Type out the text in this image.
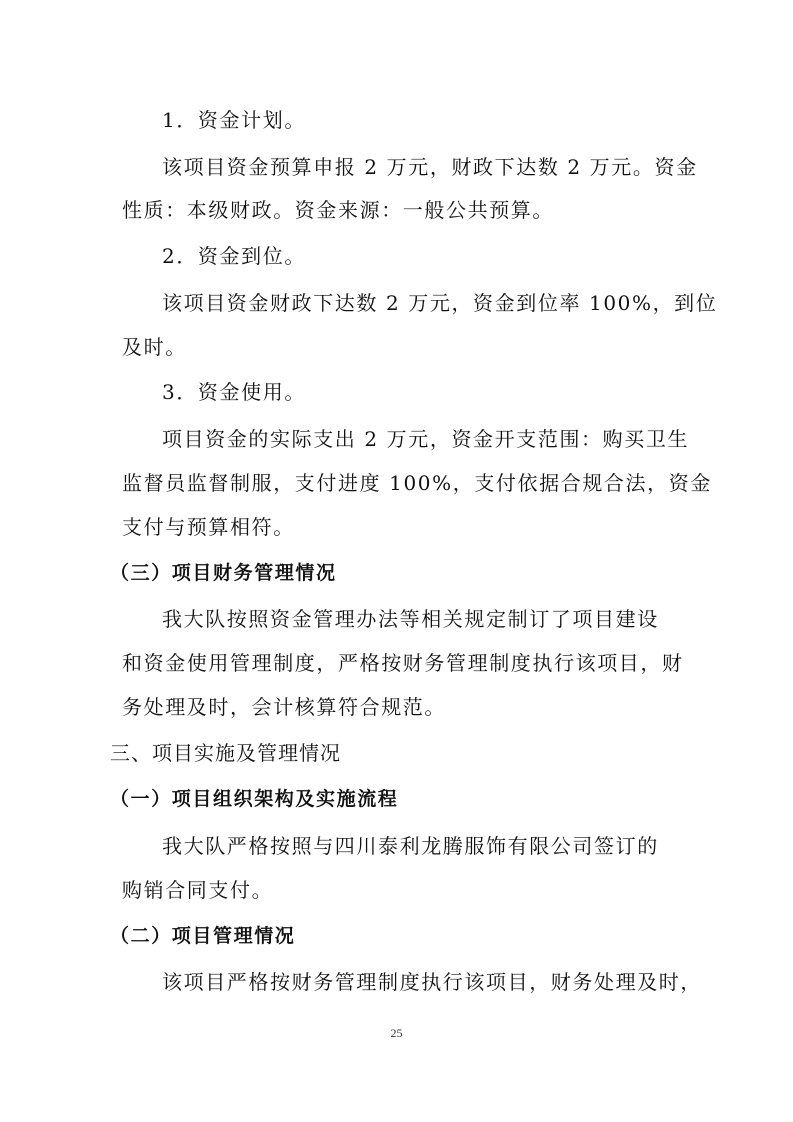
1．资金计划。
该项目资金预算申报 2 万元，财政下达数 2 万元。资金
性质：本级财政。资金来源：一般公共预算。
2．资金到位。
该项目资金财政下达数 2 万元，资金到位率 100%，到位
及时。
3．资金使用。
项目资金的实际支出 2 万元，资金开支范围：购买卫生
监督员监督制服，支付进度 100%，支付依据合规合法，资金
支付与预算相符。
（三）项目财务管理情况
我大队按照资金管理办法等相关规定制订了项目建设
和资金使用管理制度，严格按财务管理制度执行该项目，财
务处理及时，会计核算符合规范。
三、项目实施及管理情况
（一）项目组织架构及实施流程
我大队严格按照与四川泰利龙腾服饰有限公司签订的
购销合同支付。
（二）项目管理情况
该项目严格按财务管理制度执行该项目，财务处理及时，
25
